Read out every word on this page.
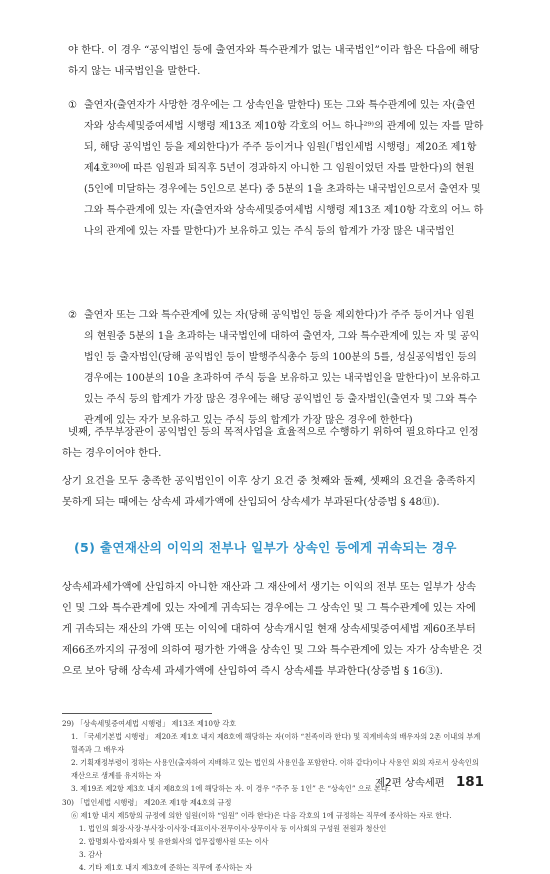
야 한다. 이 경우 “공익법인 등에 출연자와 특수관계가 없는 내국법인”이라 함은 다음에 해당하지 않는 내국법인을 말한다.
① 출연자(출연자가 사망한 경우에는 그 상속인을 말한다) 또는 그와 특수관계에 있는 자(출연자와 상속세및증여세법 시행령 제13조 제10항 각호의 어느 하나²⁹⁾의 관계에 있는 자를 말하되, 해당 공익법인 등을 제외한다)가 주주 등이거나 임원(「법인세법 시행령」제20조 제1항 제4호³⁰⁾에 따른 임원과 퇴직후 5년이 경과하지 아니한 그 임원이었던 자를 말한다)의 현원(5인에 미달하는 경우에는 5인으로 본다) 중 5분의 1을 초과하는 내국법인으로서 출연자 및 그와 특수관계에 있는 자(출연자와 상속세및증여세법 시행령 제13조 제10항 각호의 어느 하나의 관계에 있는 자를 말한다)가 보유하고 있는 주식 등의 합계가 가장 많은 내국법인
② 출연자 또는 그와 특수관계에 있는 자(당해 공익법인 등을 제외한다)가 주주 등이거나 임원의 현원중 5분의 1을 초과하는 내국법인에 대하여 출연자, 그와 특수관계에 있는 자 및 공익법인 등 출자법인(당해 공익법인 등이 발행주식총수 등의 100분의 5를, 성실공익법인 등의 경우에는 100분의 10을 초과하여 주식 등을 보유하고 있는 내국법인을 말한다)이 보유하고 있는 주식 등의 합계가 가장 많은 경우에는 해당 공익법인 등 출자법인(출연자 및 그와 특수관계에 있는 자가 보유하고 있는 주식 등의 합계가 가장 많은 경우에 한한다)
넷째, 주무부장관이 공익법인 등의 목적사업을 효율적으로 수행하기 위하여 필요하다고 인정하는 경우이어야 한다.
상기 요건을 모두 충족한 공익법인이 이후 상기 요건 중 첫째와 둘째, 셋째의 요건을 충족하지 못하게 되는 때에는 상속세 과세가액에 산입되어 상속세가 부과된다(상증법 § 48⑪).
(5) 출연재산의 이익의 전부나 일부가 상속인 등에게 귀속되는 경우
상속세과세가액에 산입하지 아니한 재산과 그 재산에서 생기는 이익의 전부 또는 일부가 상속인 및 그와 특수관계에 있는 자에게 귀속되는 경우에는 그 상속인 및 그 특수관계에 있는 자에게 귀속되는 재산의 가액 또는 이익에 대하여 상속개시일 현재 상속세및증여세법 제60조부터 제66조까지의 규정에 의하여 평가한 가액을 상속인 및 그와 특수관계에 있는 자가 상속받은 것으로 보아 당해 상속세 과세가액에 산입하여 즉시 상속세를 부과한다(상증법 § 16③).
29) 「상속세및증여세법 시행령」 제13조 제10항 각호
1. 「국세기본법 시행령」 제20조 제1호 내지 제8호에 해당하는 자(이하 “친족이라 한다) 및 직계비속의 배우자의 2촌 이내의 부계혈족과 그 배우자
2. 기획재정부령이 정하는 사용인(출자하여 지배하고 있는 법인의 사용인을 포함한다. 이하 같다)이나 사용인 외의 자로서 상속인의 재산으로 생계를 유지하는 자
3. 제19조 제2항 제3호 내지 제8호의 1에 해당하는 자. 이 경우 “주주 등 1인” 은 “상속인” 으로 본다.
30) 「법인세법 시행령」 제20조 제1항 제4호의 규정
⑥ 제1항 내지 제5항의 규정에 의한 임원(이하 “임원” 이라 한다)은 다음 각호의 1에 규정하는 직무에 종사하는 자로 한다.
1. 법인의 회장·사장·부사장·이사장·대표이사·전무이사·상무이사 등 이사회의 구성원 전원과 청산인
2. 합명회사·합자회사 및 유한회사의 업무집행사원 또는 이사
3. 감사
4. 기타 제1호 내지 제3호에 준하는 직무에 종사하는 자
제2편 상속세편 181
